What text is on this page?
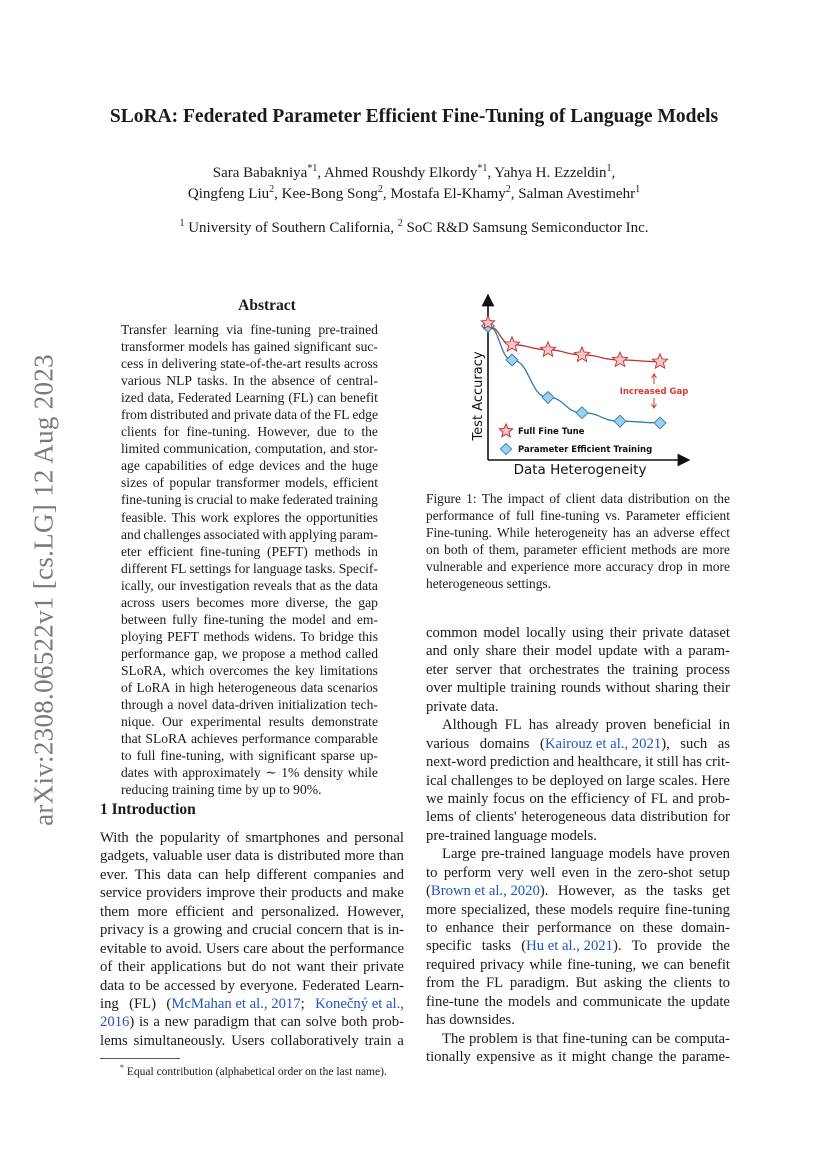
SLoRA: Federated Parameter Efficient Fine-Tuning of Language Models
Sara Babakniya$^{*1}$, Ahmed Roushdy Elkordy$^{*1}$, Yahya H. Ezzeldin$^1$,
Qingfeng Liu$^2$, Kee-Bong Song$^2$, Mostafa El-Khamy$^2$, Salman Avestimehr$^1$
$^1$ University of Southern California, $^2$ SoC R&D Samsung Semiconductor Inc.
arXiv:2308.06522v1 [cs.LG] 12 Aug 2023
Abstract
Transfer learning via fine-tuning pre-trained
transformer models has gained significant suc-
cess in delivering state-of-the-art results across
various NLP tasks. In the absence of central-
ized data, Federated Learning (FL) can benefit
from distributed and private data of the FL edge
clients for fine-tuning. However, due to the
limited communication, computation, and stor-
age capabilities of edge devices and the huge
sizes of popular transformer models, efficient
fine-tuning is crucial to make federated training
feasible. This work explores the opportunities
and challenges associated with applying param-
eter efficient fine-tuning (PEFT) methods in
different FL settings for language tasks. Specif-
ically, our investigation reveals that as the data
across users becomes more diverse, the gap
between fully fine-tuning the model and em-
ploying PEFT methods widens. To bridge this
performance gap, we propose a method called
SLoRA, which overcomes the key limitations
of LoRA in high heterogeneous data scenarios
through a novel data-driven initialization tech-
nique. Our experimental results demonstrate
that SLoRA achieves performance comparable
to full fine-tuning, with significant sparse up-
dates with approximately ∼ 1% density while
reducing training time by up to 90%.
1 Introduction
With the popularity of smartphones and personal
gadgets, valuable user data is distributed more than
ever. This data can help different companies and
service providers improve their products and make
them more efficient and personalized. However,
privacy is a growing and crucial concern that is in-
evitable to avoid. Users care about the performance
of their applications but do not want their private
data to be accessed by everyone. Federated Learn-
ing (FL) (McMahan et al., 2017; Konečný et al.,
2016) is a new paradigm that can solve both prob-
lems simultaneously. Users collaboratively train a
* Equal contribution (alphabetical order on the last name).
Test Accuracy
Data Heterogeneity
Increased Gap
Full Fine Tune
Parameter Efficient Training
Figure 1: The impact of client data distribution on the
performance of full fine-tuning vs. Parameter efficient
Fine-tuning. While heterogeneity has an adverse effect
on both of them, parameter efficient methods are more
vulnerable and experience more accuracy drop in more
heterogeneous settings.
common model locally using their private dataset
and only share their model update with a param-
eter server that orchestrates the training process
over multiple training rounds without sharing their
private data.
Although FL has already proven beneficial in
various domains (Kairouz et al., 2021), such as
next-word prediction and healthcare, it still has crit-
ical challenges to be deployed on large scales. Here
we mainly focus on the efficiency of FL and prob-
lems of clients' heterogeneous data distribution for
pre-trained language models.
Large pre-trained language models have proven
to perform very well even in the zero-shot setup
(Brown et al., 2020). However, as the tasks get
more specialized, these models require fine-tuning
to enhance their performance on these domain-
specific tasks (Hu et al., 2021). To provide the
required privacy while fine-tuning, we can benefit
from the FL paradigm. But asking the clients to
fine-tune the models and communicate the update
has downsides.
The problem is that fine-tuning can be computa-
tionally expensive as it might change the parame-
